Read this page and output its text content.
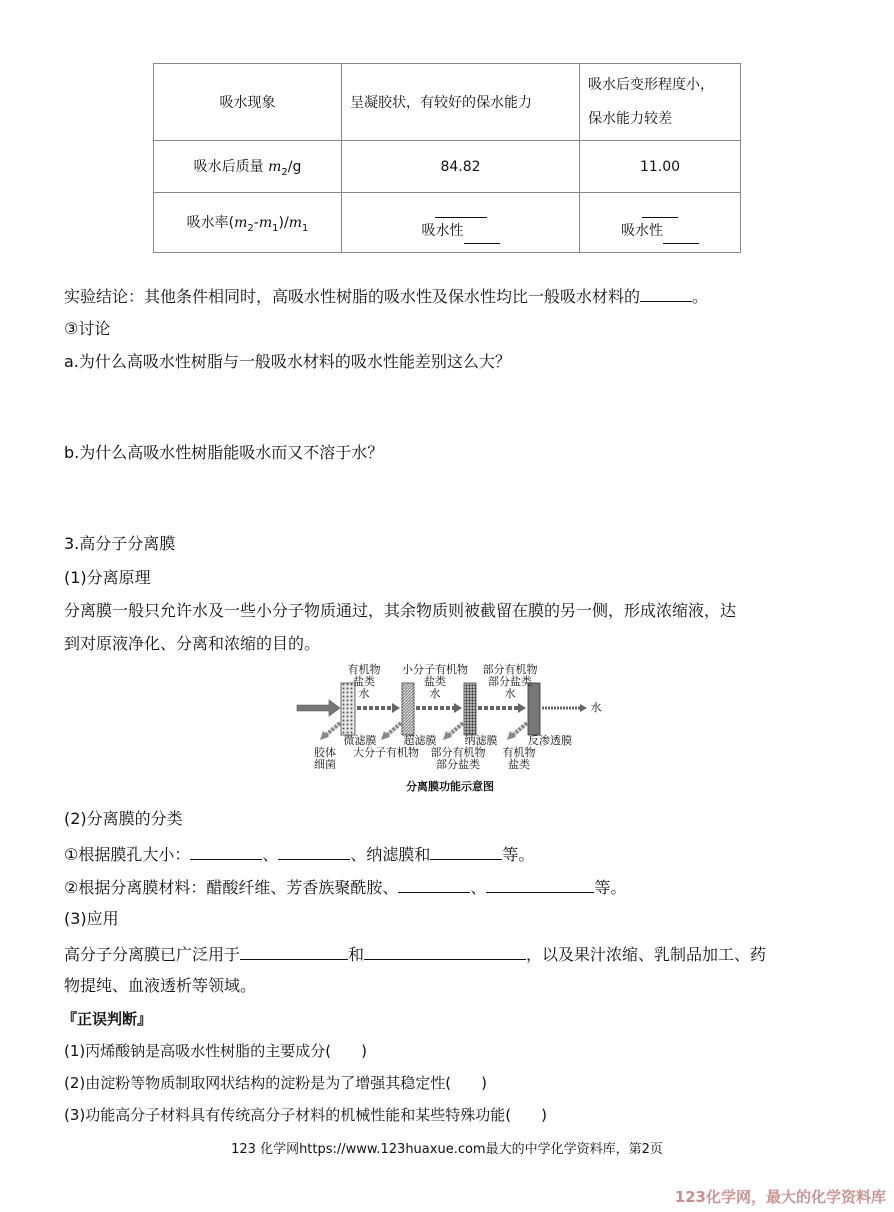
吸水现象	呈凝胶状，有较好的保水能力	吸水后变形程度小，
保水能力较差

吸水后质量 $m_2/g$	84.82	11.00
吸水率$(m_2-m_1)/m_1$	吸水性	吸水性
实验结论：其他条件相同时，高吸水性树脂的吸水性及保水性均比一般吸水材料的	。
③讨论
a.为什么高吸水性树脂与一般吸水材料的吸水性能差别这么大？
b.为什么高吸水性树脂能吸水而又不溶于水？
3.高分子分离膜
(1)分离原理
分离膜一般只允许水及一些小分子物质通过，其余物质则被截留在膜的另一侧，形成浓缩液，达
到对原液净化、分离和浓缩的目的。
有机物
盐类
水
小分子有机物
盐类
水
部分有机物
部分盐类
水
微滤膜	超滤膜	纳滤膜	反渗透膜
胶体
细菌
大分子有机物	部分有机物
部分盐类
有机物
盐类
水
分离膜功能示意图
(2)分离膜的分类
①根据膜孔大小：	、	、纳滤膜和	等。
②根据分离膜材料：醋酸纤维、芳香族聚酰胺、	、	等。
(3)应用
高分子分离膜已广泛用于	和	，以及果汁浓缩、乳制品加工、药
物提纯、血液透析等领域。
『正误判断』
(1)丙烯酸钠是高吸水性树脂的主要成分(　　)
(2)由淀粉等物质制取网状结构的淀粉是为了增强其稳定性(　　)
(3)功能高分子材料具有传统高分子材料的机械性能和某些特殊功能(　　)
123 化学网https://www.123huaxue.com最大的中学化学资料库，第2页
123化学网，最大的化学资料库
